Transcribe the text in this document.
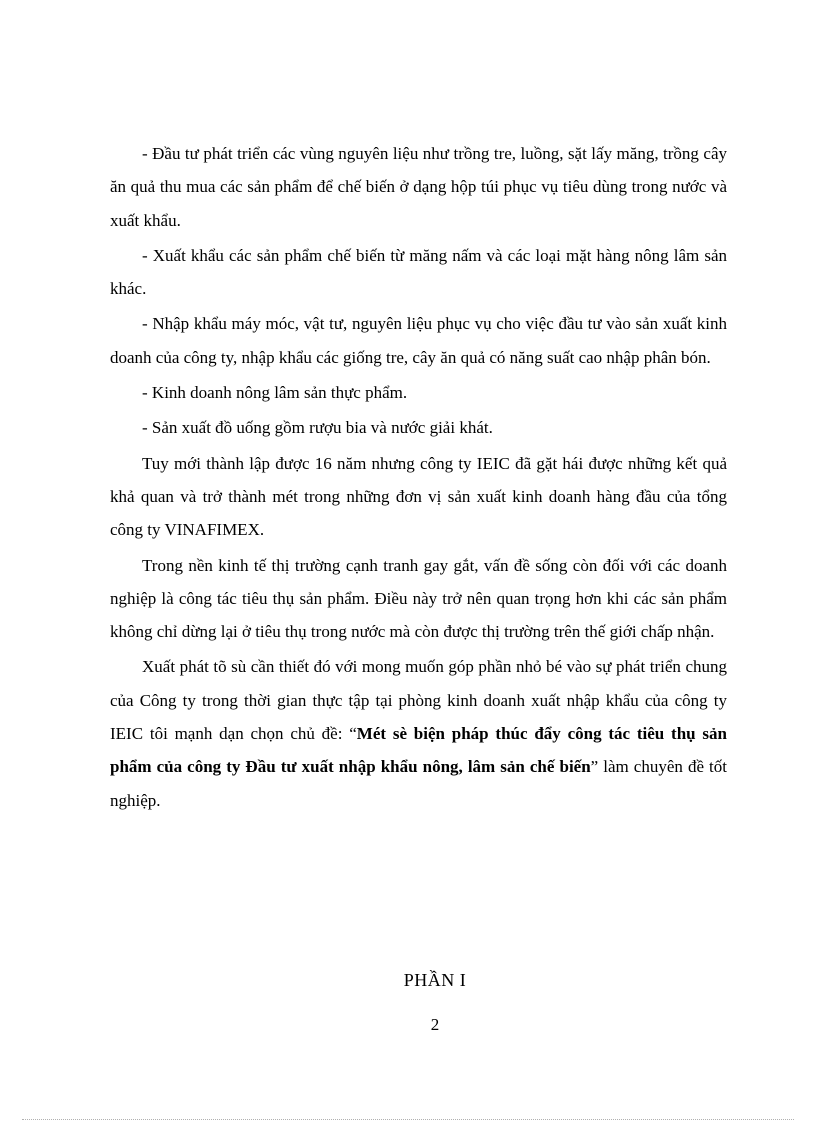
- Đầu tư phát triển các vùng nguyên liệu như trồng tre, luồng, sặt lấy măng, trồng cây ăn quả thu mua các sản phẩm để chế biến ở dạng hộp túi phục vụ tiêu dùng trong nước và xuất khẩu.

- Xuất khẩu các sản phẩm chế biến từ măng nấm và các loại mặt hàng nông lâm sản khác.

- Nhập khẩu máy móc, vật tư, nguyên liệu phục vụ cho việc đầu tư vào sản xuất kinh doanh của công ty, nhập khẩu các giống tre, cây ăn quả có năng suất cao nhập phân bón.

- Kinh doanh nông lâm sản thực phẩm.

- Sản xuất đồ uống gồm rượu bia và nước giải khát.

Tuy mới thành lập được 16 năm nhưng công ty IEIC đã gặt hái được những kết quả khả quan và trở thành mét trong những đơn vị sản xuất kinh doanh hàng đầu của tổng công ty VINAFIMEX.

Trong nền kinh tế thị trường cạnh tranh gay gắt, vấn đề sống còn đối với các doanh nghiệp là công tác tiêu thụ sản phẩm. Điều này trở nên quan trọng hơn khi các sản phẩm không chỉ dừng lại ở tiêu thụ trong nước mà còn được thị trường trên thế giới chấp nhận.

Xuất phát tõ sù cần thiết đó với mong muốn góp phần nhỏ bé vào sự phát triển chung của Công ty trong thời gian thực tập tại phòng kinh doanh xuất nhập khẩu của công ty IEIC tôi mạnh dạn chọn chủ đề: “Mét sè biện pháp thúc đẩy công tác tiêu thụ sản phẩm của công ty Đầu tư xuất nhập khẩu nông, lâm sản chế biến” làm chuyên đề tốt nghiệp.

PHẦN I
2
